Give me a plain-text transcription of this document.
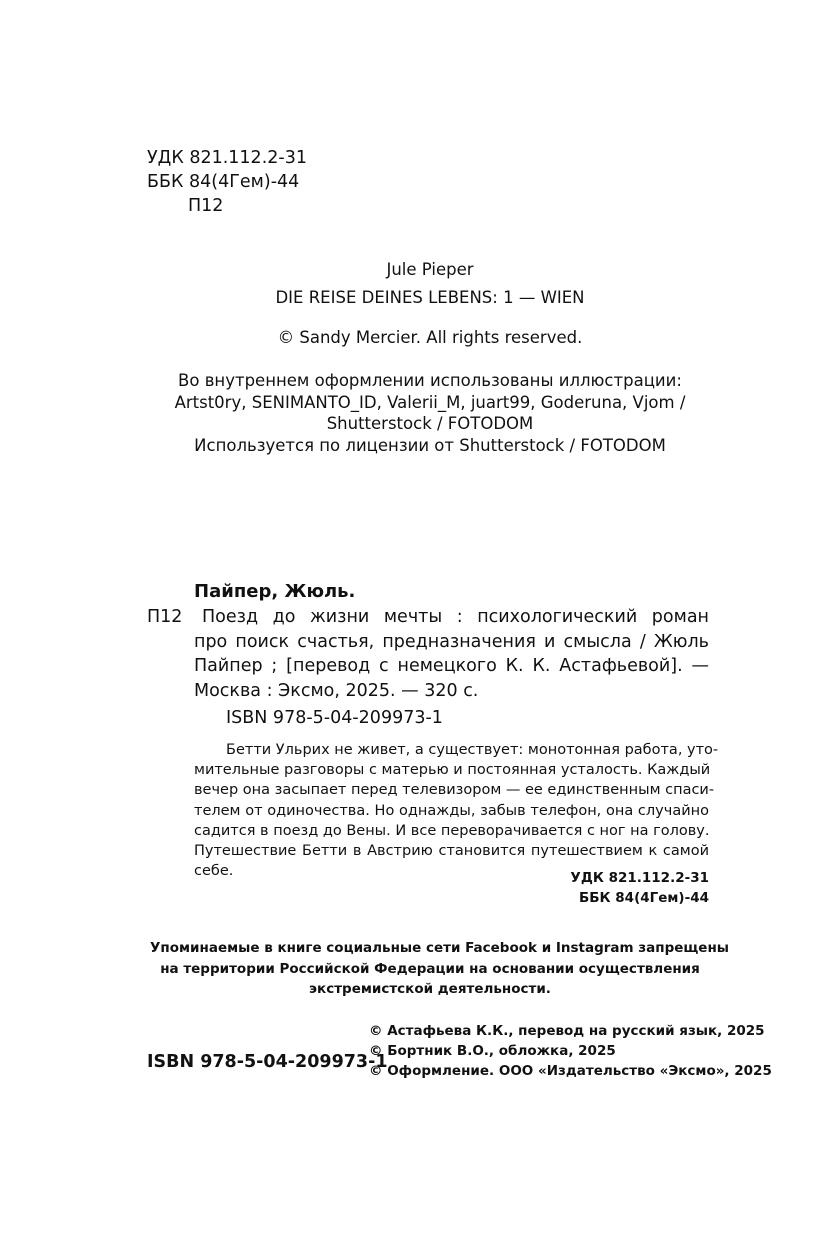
УДК 821.112.2-31
ББК 84(4Гем)-44
П12
Jule Pieper
DIE REISE DEINES LEBENS: 1 — WIEN
© Sandy Mercier. All rights reserved.
Во внутреннем оформлении использованы иллюстрации:
Artst0ry, SENIMANTO_ID, Valerii_M, juart99, Goderuna, Vjom /
Shutterstock / FOTODOM
Используется по лицензии от Shutterstock / FOTODOM
Пайпер, Жюль.
П12	Поезд до жизни мечты : психологический роман
про поиск счастья, предназначения и смысла / Жюль
Пайпер ; [перевод с немецкого К. К. Астафьевой]. —
Москва : Эксмо, 2025. — 320 с.
ISBN 978-5-04-209973-1
Бетти Ульрих не живет, а существует: монотонная работа, уто-
мительные разговоры с матерью и постоянная усталость. Каждый
вечер она засыпает перед телевизором — ее единственным спаси-
телем от одиночества. Но однажды, забыв телефон, она случайно
садится в поезд до Вены. И все переворачивается с ног на голову.
Путешествие Бетти в Австрию становится путешествием к самой
себе.	УДК 821.112.2-31
ББК 84(4Гем)-44
Упоминаемые в книге социальные сети Facebook и Instagram запрещены
на территории Российской Федерации на основании осуществления
экстремистской деятельности.
ISBN 978-5-04-209973-1
© Астафьева К.К., перевод на русский язык, 2025
© Бортник В.О., обложка, 2025
© Оформление. ООО «Издательство «Эксмо», 2025
